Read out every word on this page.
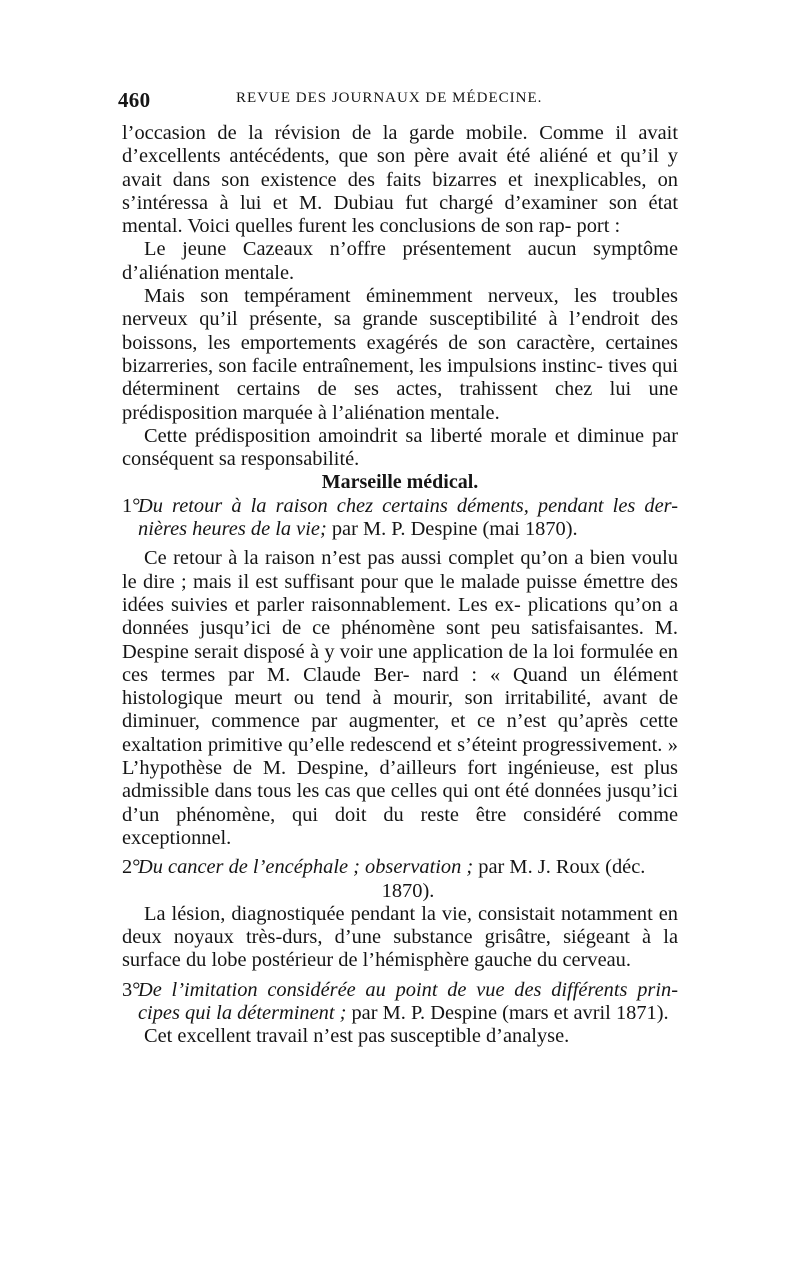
460	REVUE DES JOURNAUX DE MÉDECINE.

l’occasion de la révision de la garde mobile. Comme il avait d’excellents antécédents, que son père avait été aliéné et qu’il y avait dans son existence des faits bizarres et inexplicables, on s’intéressa à lui et M. Dubiau fut chargé d’examiner son état mental. Voici quelles furent les conclusions de son rap- port :

Le jeune Cazeaux n’offre présentement aucun symptôme d’aliénation mentale.

Mais son tempérament éminemment nerveux, les troubles nerveux qu’il présente, sa grande susceptibilité à l’endroit des boissons, les emportements exagérés de son caractère, certaines bizarreries, son facile entraînement, les impulsions instinc- tives qui déterminent certains de ses actes, trahissent chez lui une prédisposition marquée à l’aliénation mentale.

Cette prédisposition amoindrit sa liberté morale et diminue par conséquent sa responsabilité.

Marseille médical.

1°Du retour à la raison chez certains déments, pendant les der- nières heures de la vie; par M. P. Despine (mai 1870).

Ce retour à la raison n’est pas aussi complet qu’on a bien voulu le dire ; mais il est suffisant pour que le malade puisse émettre des idées suivies et parler raisonnablement. Les ex- plications qu’on a données jusqu’ici de ce phénomène sont peu satisfaisantes. M. Despine serait disposé à y voir une application de la loi formulée en ces termes par M. Claude Ber- nard : « Quand un élément histologique meurt ou tend à mourir, son irritabilité, avant de diminuer, commence par augmenter, et ce n’est qu’après cette exaltation primitive qu’elle redescend et s’éteint progressivement. » L’hypothèse de M. Despine, d’ailleurs fort ingénieuse, est plus admissible dans tous les cas que celles qui ont été données jusqu’ici d’un phénomène, qui doit du reste être considéré comme exceptionnel.

2°Du cancer de l’encéphale ; observation ; par M. J. Roux (déc.
1870).

La lésion, diagnostiquée pendant la vie, consistait notamment en deux noyaux très-durs, d’une substance grisâtre, siégeant à la surface du lobe postérieur de l’hémisphère gauche du cerveau.

3°De l’imitation considérée au point de vue des différents prin- cipes qui la déterminent ; par M. P. Despine (mars et avril 1871).

Cet excellent travail n’est pas susceptible d’analyse.
